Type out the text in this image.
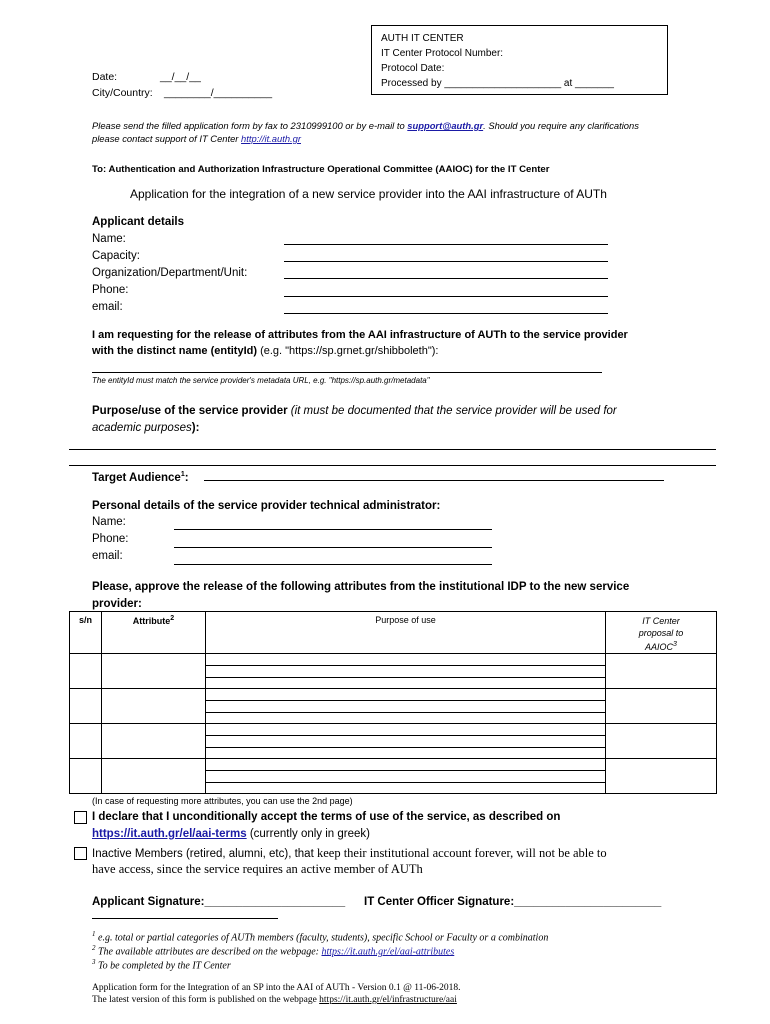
AUTH IT CENTER
IT Center Protocol Number:
Protocol Date:
Processed by _____________________ at _______
Date:	__/__/__
City/Country: ________/__________
Please send the filled application form by fax to 2310999100 or by e-mail to support@auth.gr. Should you require any clarifications
please contact support of IT Center http://it.auth.gr
To: Authentication and Authorization Infrastructure Operational Committee (AAIOC) for the IT Center
Application for the integration of a new service provider into the AAI infrastructure of AUTh
Applicant details
Name:
Capacity:
Organization/Department/Unit:
Phone:
email:
I am requesting for the release of attributes from the AAI infrastructure of AUTh to the service provider
with the distinct name (entityId) (e.g. "https://sp.grnet.gr/shibboleth"):
The entityId must match the service provider's metadata URL, e.g. "https://sp.auth.gr/metadata"
Purpose/use of the service provider (it must be documented that the service provider will be used for
academic purposes):
Target Audience$^1$:
Personal details of the service provider technical administrator:
Name:
Phone:
email:
Please, approve the release of the following attributes from the institutional IDP to the new service
provider:
s/n	Attribute$^2$	Purpose of use	IT Center
proposal to
AAIOC$^3$

(In case of requesting more attributes, you can use the 2nd page)
I declare that I unconditionally accept the terms of use of the service, as described on
https://it.auth.gr/el/aai-terms (currently only in greek)
Inactive Members (retired, alumni, etc), that keep their institutional account forever, will not be able to
have access, since the service requires an active member of AUTh
Applicant Signature:______________________ IT Center Officer Signature:_______________________
$^1$ e.g. total or partial categories of AUTh members (faculty, students), specific School or Faculty or a combination
$^2$ The available attributes are described on the webpage: https://it.auth.gr/el/aai-attributes
$^3$ To be completed by the IT Center
Application form for the Integration of an SP into the AAI of AUTh - Version 0.1 @ 11-06-2018.
The latest version of this form is published on the webpage https://it.auth.gr/el/infrastructure/aai
